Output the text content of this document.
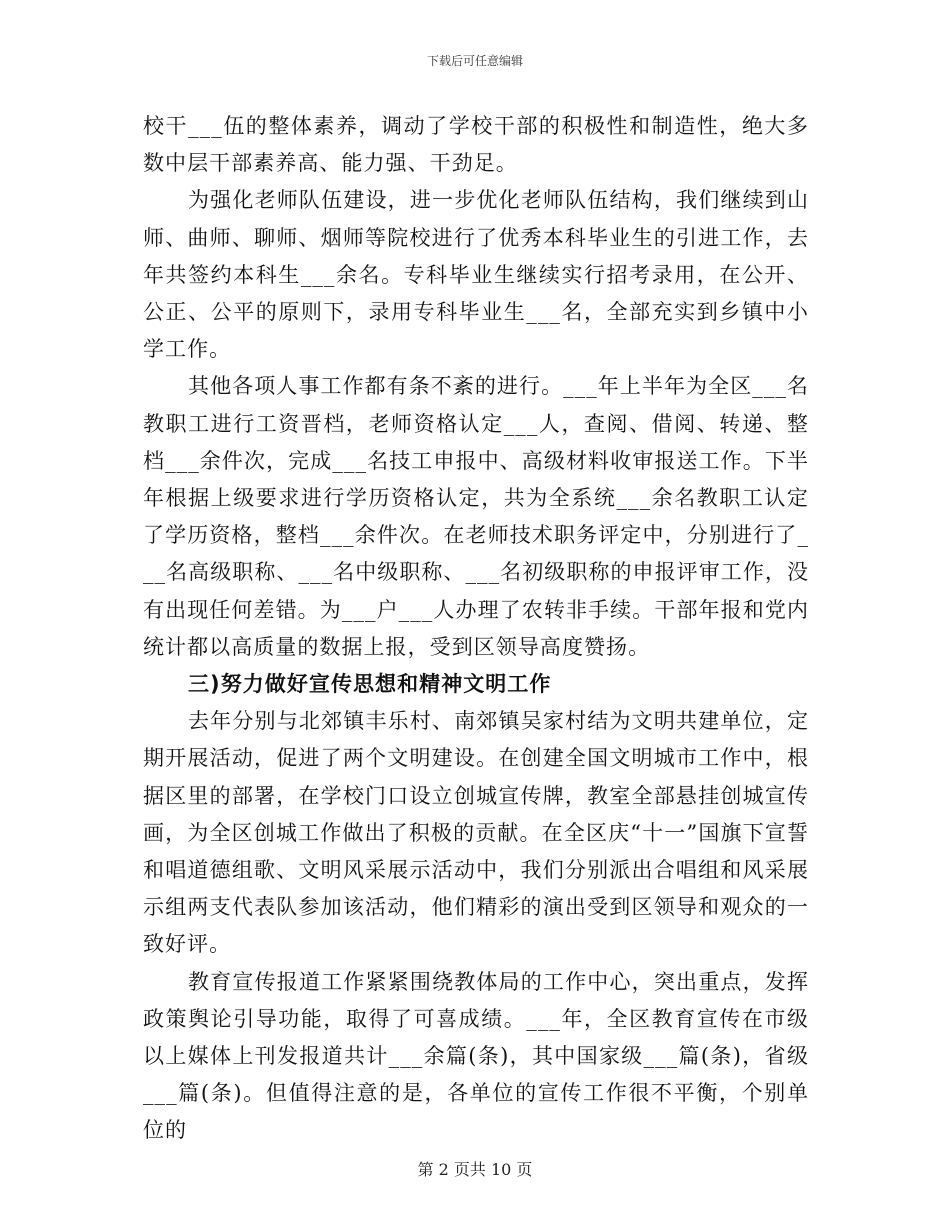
下载后可任意编辑

校干___伍的整体素养，调动了学校干部的积极性和制造性，绝大多数中层干部素养高、能力强、干劲足。

为强化老师队伍建设，进一步优化老师队伍结构，我们继续到山师、曲师、聊师、烟师等院校进行了优秀本科毕业生的引进工作，去年共签约本科生___余名。专科毕业生继续实行招考录用，在公开、公正、公平的原则下，录用专科毕业生___名，全部充实到乡镇中小学工作。

其他各项人事工作都有条不紊的进行。___年上半年为全区___名教职工进行工资晋档，老师资格认定___人，查阅、借阅、转递、整档___余件次，完成___名技工申报中、高级材料收审报送工作。下半年根据上级要求进行学历资格认定，共为全系统___余名教职工认定了学历资格，整档___余件次。在老师技术职务评定中，分别进行了___名高级职称、___名中级职称、___名初级职称的申报评审工作，没有出现任何差错。为___户___人办理了农转非手续。干部年报和党内统计都以高质量的数据上报，受到区领导高度赞扬。

三)努力做好宣传思想和精神文明工作

去年分别与北郊镇丰乐村、南郊镇吴家村结为文明共建单位，定期开展活动，促进了两个文明建设。在创建全国文明城市工作中，根据区里的部署，在学校门口设立创城宣传牌，教室全部悬挂创城宣传画，为全区创城工作做出了积极的贡献。在全区庆“十一”国旗下宣誓和唱道德组歌、文明风采展示活动中，我们分别派出合唱组和风采展示组两支代表队参加该活动，他们精彩的演出受到区领导和观众的一致好评。

教育宣传报道工作紧紧围绕教体局的工作中心，突出重点，发挥政策舆论引导功能，取得了可喜成绩。___年，全区教育宣传在市级以上媒体上刊发报道共计___余篇(条)，其中国家级___篇(条)，省级___篇(条)。但值得注意的是，各单位的宣传工作很不平衡，个别单位的

第 2 页共 10 页
